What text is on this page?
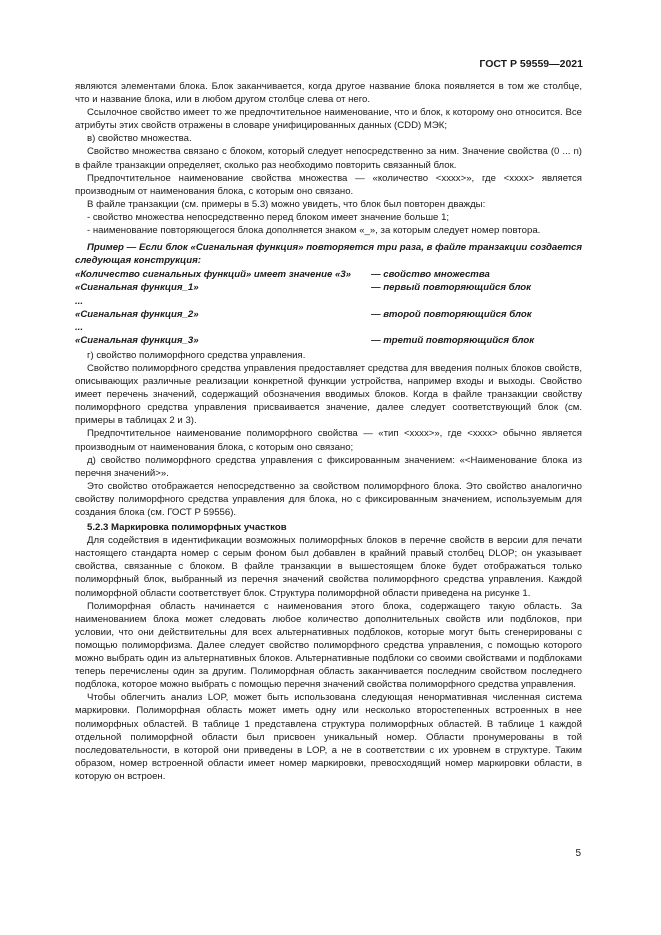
ГОСТ Р 59559—2021

являются элементами блока. Блок заканчивается, когда другое название блока появляется в том же столбце, что и название блока, или в любом другом столбце слева от него.

Ссылочное свойство имеет то же предпочтительное наименование, что и блок, к которому оно относится. Все атрибуты этих свойств отражены в словаре унифицированных данных (CDD) МЭК;

в) свойство множества.

Свойство множества связано с блоком, который следует непосредственно за ним. Значение свойства (0 ... n) в файле транзакции определяет, сколько раз необходимо повторить связанный блок.

Предпочтительное наименование свойства множества — «количество <xxxx>», где <xxxx> является производным от наименования блока, с которым оно связано.

В файле транзакции (см. примеры в 5.3) можно увидеть, что блок был повторен дважды:

- свойство множества непосредственно перед блоком имеет значение больше 1;

- наименование повторяющегося блока дополняется знаком «_», за которым следует номер повтора.

Пример — Если блок «Сигнальная функция» повторяется три раза, в файле транзакции создается следующая конструкция:

«Количество сигнальных функций» имеет значение «3»	— свойство множества
«Сигнальная функция_1»	— первый повторяющийся блок
...
«Сигнальная функция_2»	— второй повторяющийся блок
...
«Сигнальная функция_3»	— третий повторяющийся блок

г) свойство полиморфного средства управления.

Свойство полиморфного средства управления предоставляет средства для введения полных блоков свойств, описывающих различные реализации конкретной функции устройства, например входы и выходы. Свойство имеет перечень значений, содержащий обозначения вводимых блоков. Когда в файле транзакции свойству полиморфного средства управления присваивается значение, далее следует соответствующий блок (см. примеры в таблицах 2 и 3).

Предпочтительное наименование полиморфного свойства — «тип <xxxx>», где <xxxx> обычно является производным от наименования блока, с которым оно связано;

д) свойство полиморфного средства управления с фиксированным значением: «<Наименование блока из перечня значений>».

Это свойство отображается непосредственно за свойством полиморфного блока. Это свойство аналогично свойству полиморфного средства управления для блока, но с фиксированным значением, используемым для создания блока (см. ГОСТ Р 59556).

5.2.3 Маркировка полиморфных участков

Для содействия в идентификации возможных полиморфных блоков в перечне свойств в версии для печати настоящего стандарта номер с серым фоном был добавлен в крайний правый столбец DLOP; он указывает свойства, связанные с блоком. В файле транзакции в вышестоящем блоке будет отображаться только полиморфный блок, выбранный из перечня значений свойства полиморфного средства управления. Каждой полиморфной области соответствует блок. Структура полиморфной области приведена на рисунке 1.

Полиморфная область начинается с наименования этого блока, содержащего такую область. За наименованием блока может следовать любое количество дополнительных свойств или подблоков, при условии, что они действительны для всех альтернативных подблоков, которые могут быть сгенерированы с помощью полиморфизма. Далее следует свойство полиморфного средства управления, с помощью которого можно выбрать один из альтернативных блоков. Альтернативные подблоки со своими свойствами и подблоками теперь перечислены один за другим. Полиморфная область заканчивается последним свойством последнего подблока, которое можно выбрать с помощью перечня значений свойства полиморфного средства управления.

Чтобы облегчить анализ LOP, может быть использована следующая ненормативная численная система маркировки. Полиморфная область может иметь одну или несколько второстепенных встроенных в нее полиморфных областей. В таблице 1 представлена структура полиморфных областей. В таблице 1 каждой отдельной полиморфной области был присвоен уникальный номер. Области пронумерованы в той последовательности, в которой они приведены в LOP, а не в соответствии с их уровнем в структуре. Таким образом, номер встроенной области имеет номер маркировки, превосходящий номер маркировки области, в которую он встроен.

5
